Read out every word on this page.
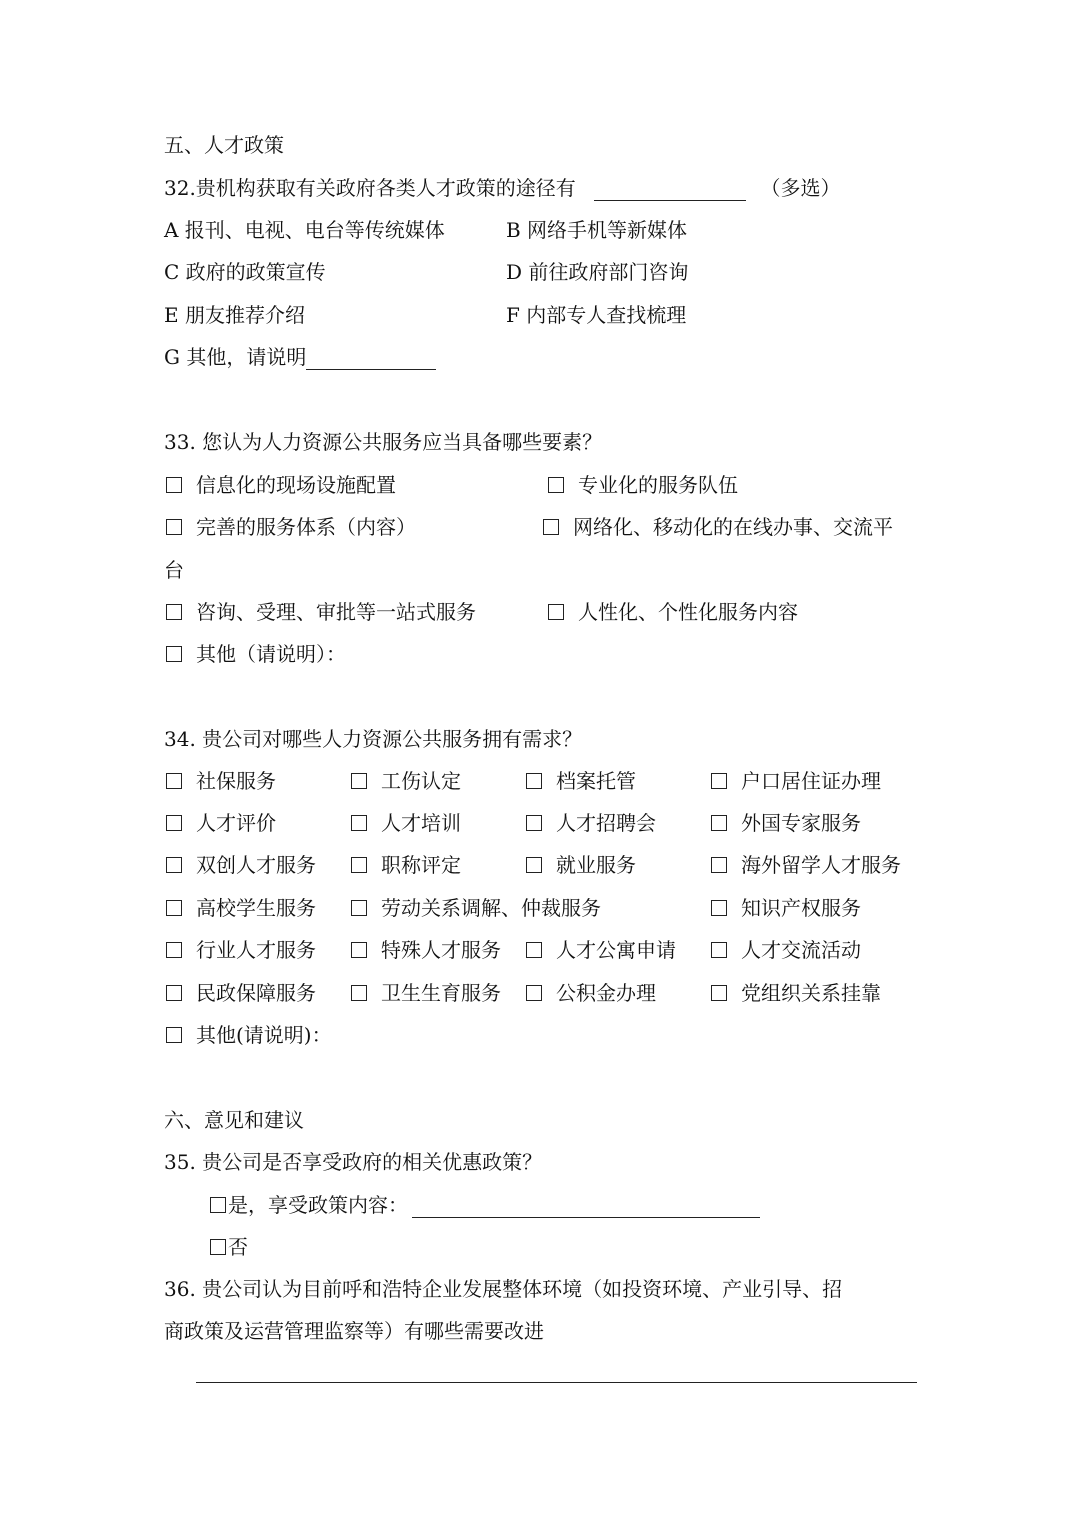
五、人才政策
32.贵机构获取有关政府各类人才政策的途径有	（多选）
A 报刊、电视、电台等传统媒体	B 网络手机等新媒体
C 政府的政策宣传	D 前往政府部门咨询
E 朋友推荐介绍	F 内部专人查找梳理
G 其他，请说明
33. 您认为人力资源公共服务应当具备哪些要素？
信息化的现场设施配置	专业化的服务队伍
完善的服务体系（内容）	网络化、移动化的在线办事、交流平
台
咨询、受理、审批等一站式服务	人性化、个性化服务内容
其他（请说明）：
34. 贵公司对哪些人力资源公共服务拥有需求？
社保服务	工伤认定	档案托管	户口居住证办理
人才评价	人才培训	人才招聘会	外国专家服务
双创人才服务	职称评定	就业服务	海外留学人才服务
高校学生服务	劳动关系调解、仲裁服务	知识产权服务
行业人才服务	特殊人才服务	人才公寓申请	人才交流活动
民政保障服务	卫生生育服务	公积金办理	党组织关系挂靠
其他(请说明)：
六、意见和建议
35. 贵公司是否享受政府的相关优惠政策？
是，享受政策内容：
否
36. 贵公司认为目前呼和浩特企业发展整体环境（如投资环境、产业引导、招
商政策及运营管理监察等）有哪些需要改进
